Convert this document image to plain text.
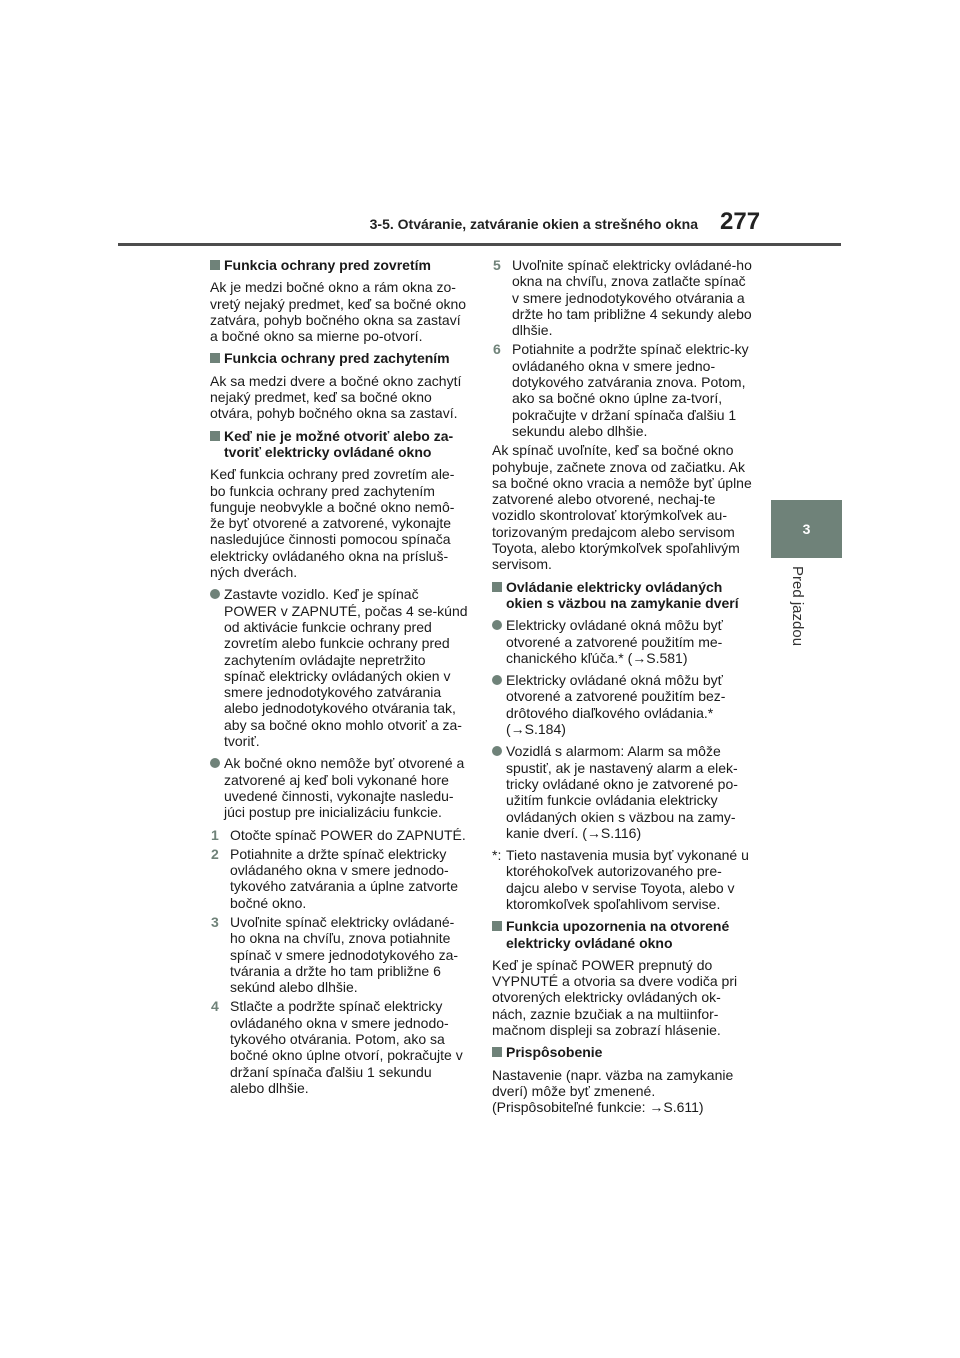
3-5. Otváranie, zatváranie okien a strešného okna 277
3
Pred jazdou
Funkcia ochrany pred zovretím
Ak je medzi bočné okno a rám okna zo-vretý nejaký predmet, keď sa bočné okno zatvára, pohyb bočného okna sa zastaví a bočné okno sa mierne po-otvorí.
Funkcia ochrany pred zachytením
Ak sa medzi dvere a bočné okno zachytí nejaký predmet, keď sa bočné okno otvára, pohyb bočného okna sa zastaví.
Keď nie je možné otvoriť alebo za-tvoriť elektricky ovládané okno
Keď funkcia ochrany pred zovretím ale-bo funkcia ochrany pred zachytením funguje neobvykle a bočné okno nemô-že byť otvorené a zatvorené, vykonajte nasledujúce činnosti pomocou spínača elektricky ovládaného okna na prísluš-ných dverách.
Zastavte vozidlo. Keď je spínač POWER v ZAPNUTÉ, počas 4 se-kúnd od aktivácie funkcie ochrany pred zovretím alebo funkcie ochrany pred zachytením ovládajte nepretržito spínač elektricky ovládaných okien v smere jednodotykového zatvárania alebo jednodotykového otvárania tak, aby sa bočné okno mohlo otvoriť a za-tvoriť.
Ak bočné okno nemôže byť otvorené a zatvorené aj keď boli vykonané hore uvedené činnosti, vykonajte nasledu-júci postup pre inicializáciu funkcie.
1 Otočte spínač POWER do ZAPNUTÉ.
2 Potiahnite a držte spínač elektricky ovládaného okna v smere jednodo-tykového zatvárania a úplne zatvorte bočné okno.
3 Uvoľnite spínač elektricky ovládané-ho okna na chvíľu, znova potiahnite spínač v smere jednodotykového za-tvárania a držte ho tam približne 6 sekúnd alebo dlhšie.
4 Stlačte a podržte spínač elektricky ovládaného okna v smere jednodo-tykového otvárania. Potom, ako sa bočné okno úplne otvorí, pokračujte v držaní spínača ďalšiu 1 sekundu alebo dlhšie.
5 Uvoľnite spínač elektricky ovládané-ho okna na chvíľu, znova zatlačte spínač v smere jednodotykového otvárania a držte ho tam približne 4 sekundy alebo dlhšie.
6 Potiahnite a podržte spínač elektric-ky ovládaného okna v smere jedno-dotykového zatvárania znova. Potom, ako sa bočné okno úplne za-tvorí, pokračujte v držaní spínača ďalšiu 1 sekundu alebo dlhšie.
Ak spínač uvoľníte, keď sa bočné okno pohybuje, začnete znova od začiatku. Ak sa bočné okno vracia a nemôže byť úplne zatvorené alebo otvorené, nechaj-te vozidlo skontrolovať ktorýmkoľvek au-torizovaným predajcom alebo servisom Toyota, alebo ktorýmkoľvek spoľahlivým servisom.
Ovládanie elektricky ovládaných okien s väzbou na zamykanie dverí
Elektricky ovládané okná môžu byť otvorené a zatvorené použitím me-chanického kľúča.* (→S.581)
Elektricky ovládané okná môžu byť otvorené a zatvorené použitím bez-drôtového diaľkového ovládania.* (→S.184)
Vozidlá s alarmom: Alarm sa môže spustiť, ak je nastavený alarm a elek-tricky ovládané okno je zatvorené po-užitím funkcie ovládania elektricky ovládaných okien s väzbou na zamy-kanie dverí. (→S.116)
*: Tieto nastavenia musia byť vykonané u ktoréhokoľvek autorizovaného pre-dajcu alebo v servise Toyota, alebo v ktoromkoľvek spoľahlivom servise.
Funkcia upozornenia na otvorené elektricky ovládané okno
Keď je spínač POWER prepnutý do VYPNUTÉ a otvoria sa dvere vodiča pri otvorených elektricky ovládaných ok-nách, zaznie bzučiak a na multiinfor-mačnom displeji sa zobrazí hlásenie.
Prispôsobenie
Nastavenie (napr. väzba na zamykanie dverí) môže byť zmenené. (Prispôsobiteľné funkcie: →S.611)
